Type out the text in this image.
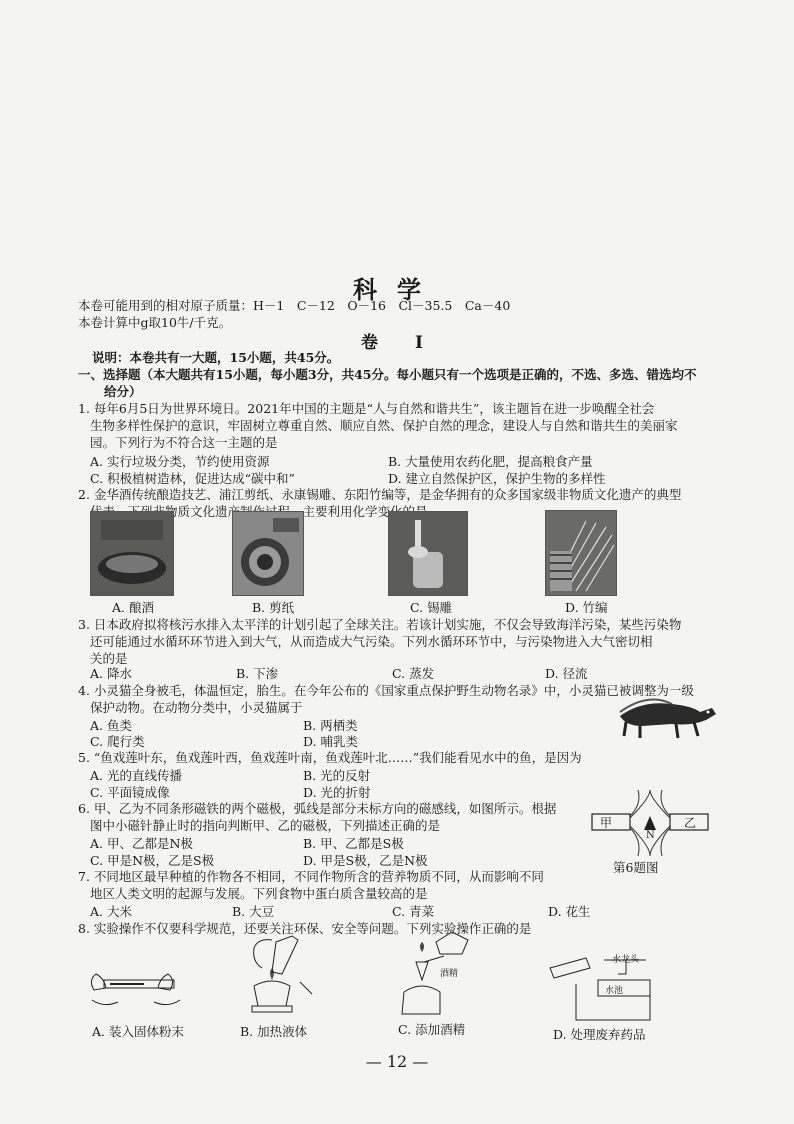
科学
本卷可能用到的相对原子质量：H－1　C－12　O－16　Cl－35.5　Ca－40
本卷计算中g取10牛/千克。
卷　Ⅰ
说明：本卷共有一大题，15小题，共45分。
一、选择题（本大题共有15小题，每小题3分，共45分。每小题只有一个选项是正确的，不选、多选、错选均不
给分）
1. 每年6月5日为世界环境日。2021年中国的主题是“人与自然和谐共生”，该主题旨在进一步唤醒全社会
生物多样性保护的意识，牢固树立尊重自然、顺应自然、保护自然的理念，建设人与自然和谐共生的美丽家
园。下列行为不符合这一主题的是
A. 实行垃圾分类，节约使用资源	B. 大量使用农药化肥，提高粮食产量
C. 积极植树造林，促进达成“碳中和”	D. 建立自然保护区，保护生物的多样性
2. 金华酒传统酿造技艺、浦江剪纸、永康锡雕、东阳竹编等，是金华拥有的众多国家级非物质文化遗产的典型
A. 酿酒	B. 剪纸	C. 锡雕	D. 竹编
3. 日本政府拟将核污水排入太平洋的计划引起了全球关注。若该计划实施，不仅会导致海洋污染，某些污染物
还可能通过水循环环节进入到大气，从而造成大气污染。下列水循环环节中，与污染物进入大气密切相
关的是
A. 降水	B. 下渗	C. 蒸发	D. 径流
4. 小灵猫全身被毛，体温恒定，胎生。在今年公布的《国家重点保护野生动物名录》中，小灵猫已被调整为一级
保护动物。在动物分类中，小灵猫属于
A. 鱼类	B. 两栖类
C. 爬行类	D. 哺乳类
5. “鱼戏莲叶东，鱼戏莲叶西，鱼戏莲叶南，鱼戏莲叶北……”我们能看见水中的鱼，是因为
A. 光的直线传播	B. 光的反射
C. 平面镜成像	D. 光的折射
6. 甲、乙为不同条形磁铁的两个磁极，弧线是部分未标方向的磁感线，如图所示。根据
图中小磁针静止时的指向判断甲、乙的磁极，下列描述正确的是
A. 甲、乙都是N极	B. 甲、乙都是S极
C. 甲是N极，乙是S极	D. 甲是S极，乙是N极
甲	乙
N
第6题图
7. 不同地区最早种植的作物各不相同，不同作物所含的营养物质不同，从而影响不同
地区人类文明的起源与发展。下列食物中蛋白质含量较高的是
A. 大米	B. 大豆	C. 青菜	D. 花生
8. 实验操作不仅要科学规范，还要关注环保、安全等问题。下列实验操作正确的是
酒精
水龙头
水池
A. 装入固体粉末	B. 加热液体	C. 添加酒精	D. 处理废弃药品
— 12 —
